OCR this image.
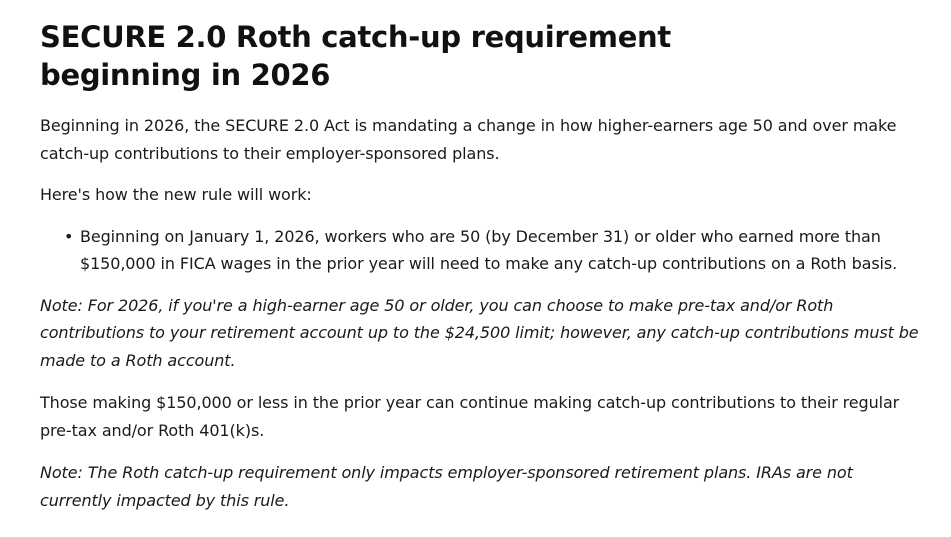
SECURE 2.0 Roth catch-up requirement beginning in 2026

Beginning in 2026, the SECURE 2.0 Act is mandating a change in how higher-earners age 50 and over make catch-up contributions to their employer-sponsored plans.

Here's how the new rule will work:

• Beginning on January 1, 2026, workers who are 50 (by December 31) or older who earned more than $150,000 in FICA wages in the prior year will need to make any catch-up contributions on a Roth basis.

Note: For 2026, if you're a high-earner age 50 or older, you can choose to make pre-tax and/or Roth contributions to your retirement account up to the $24,500 limit; however, any catch-up contributions must be made to a Roth account.

Those making $150,000 or less in the prior year can continue making catch-up contributions to their regular pre-tax and/or Roth 401(k)s.

Note: The Roth catch-up requirement only impacts employer-sponsored retirement plans. IRAs are not currently impacted by this rule.
